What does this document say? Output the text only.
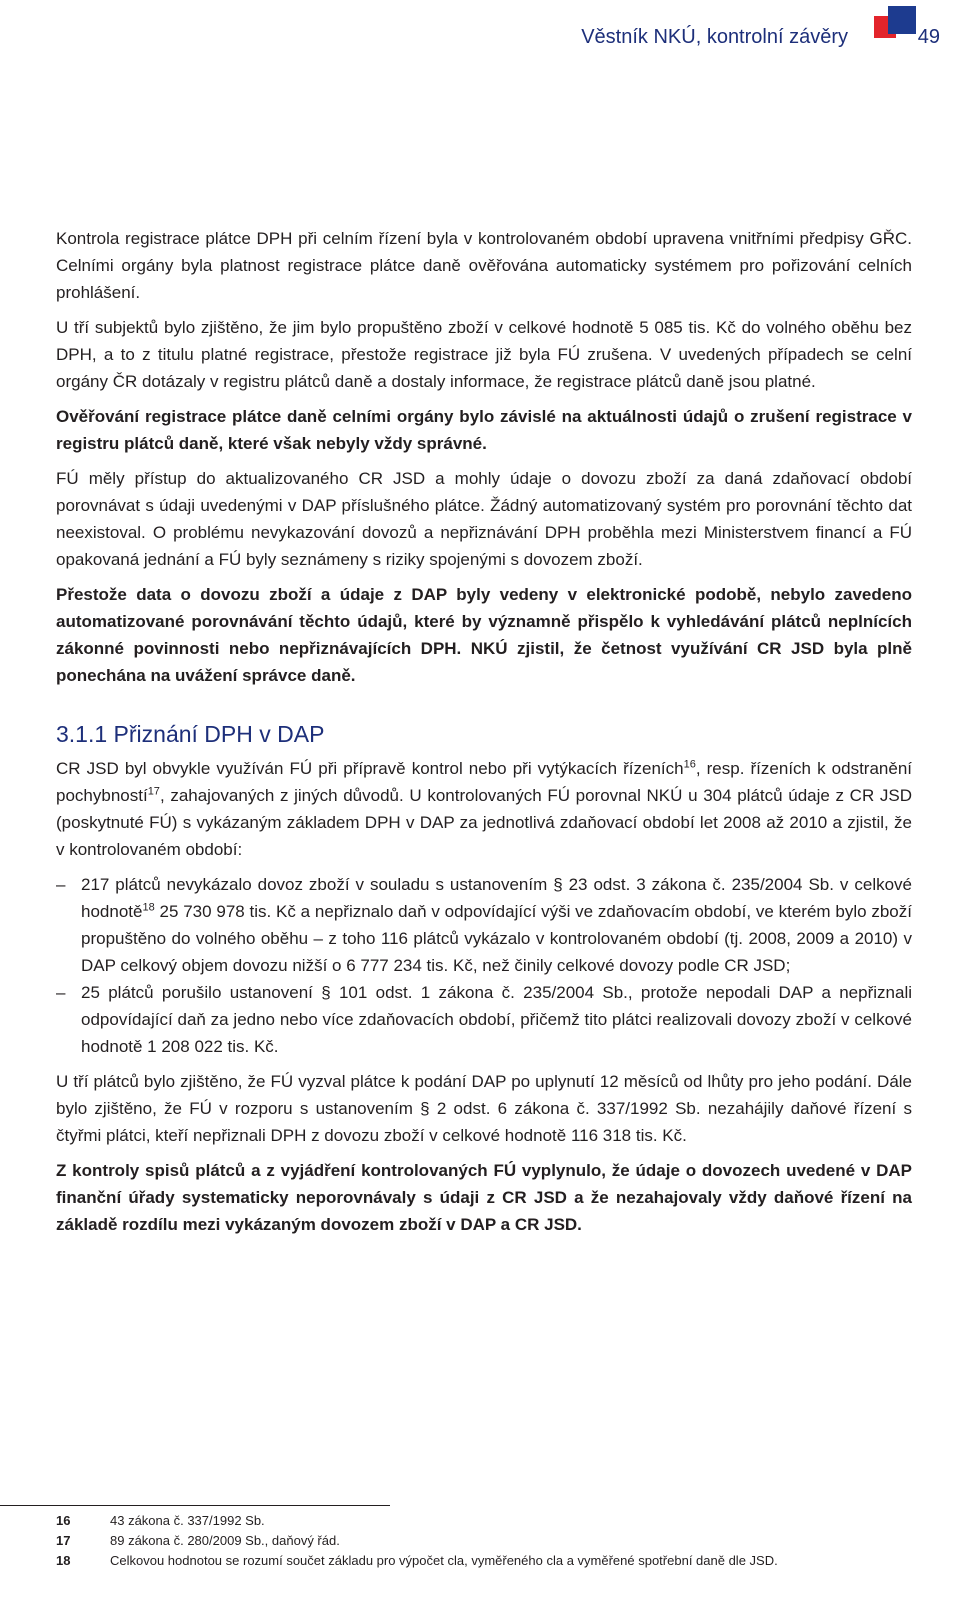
Věstník NKÚ, kontrolní závěry	49

Kontrola registrace plátce DPH při celním řízení byla v kontrolovaném období upravena vnitřními předpisy GŘC. Celními orgány byla platnost registrace plátce daně ověřována automaticky systémem pro pořizování celních prohlášení.

U tří subjektů bylo zjištěno, že jim bylo propuštěno zboží v celkové hodnotě 5 085 tis. Kč do volného oběhu bez DPH, a to z titulu platné registrace, přestože registrace již byla FÚ zrušena. V uvedených případech se celní orgány ČR dotázaly v registru plátců daně a dostaly informace, že registrace plátců daně jsou platné.

Ověřování registrace plátce daně celními orgány bylo závislé na aktuálnosti údajů o zrušení registrace v registru plátců daně, které však nebyly vždy správné.

FÚ měly přístup do aktualizovaného CR JSD a mohly údaje o dovozu zboží za daná zdaňovací období porovnávat s údaji uvedenými v DAP příslušného plátce. Žádný automatizovaný systém pro porovnání těchto dat neexistoval. O problému nevykazování dovozů a nepřiznávání DPH proběhla mezi Ministerstvem financí a FÚ opakovaná jednání a FÚ byly seznámeny s riziky spojenými s dovozem zboží.

Přestože data o dovozu zboží a údaje z DAP byly vedeny v elektronické podobě, nebylo zavedeno automatizované porovnávání těchto údajů, které by významně přispělo k vyhledávání plátců neplnících zákonné povinnosti nebo nepřiznávajících DPH. NKÚ zjistil, že četnost využívání CR JSD byla plně ponechána na uvážení správce daně.

3.1.1 Přiznání DPH v DAP

CR JSD byl obvykle využíván FÚ při přípravě kontrol nebo při vytýkacích řízeních$^{16}$, resp. řízeních k odstranění pochybností$^{17}$, zahajovaných z jiných důvodů. U kontrolovaných FÚ porovnal NKÚ u 304 plátců údaje z CR JSD (poskytnuté FÚ) s vykázaným základem DPH v DAP za jednotlivá zdaňovací období let 2008 až 2010 a zjistil, že v kontrolovaném období:

– 217 plátců nevykázalo dovoz zboží v souladu s ustanovením § 23 odst. 3 zákona č. 235/2004 Sb. v celkové hodnotě$^{18}$ 25 730 978 tis. Kč a nepřiznalo daň v odpovídající výši ve zdaňovacím období, ve kterém bylo zboží propuštěno do volného oběhu – z toho 116 plátců vykázalo v kontrolovaném období (tj. 2008, 2009 a 2010) v DAP celkový objem dovozu nižší o 6 777 234 tis. Kč, než činily celkové dovozy podle CR JSD;
– 25 plátců porušilo ustanovení § 101 odst. 1 zákona č. 235/2004 Sb., protože nepodali DAP a nepřiznali odpovídající daň za jedno nebo více zdaňovacích období, přičemž tito plátci realizovali dovozy zboží v celkové hodnotě 1 208 022 tis. Kč.

U tří plátců bylo zjištěno, že FÚ vyzval plátce k podání DAP po uplynutí 12 měsíců od lhůty pro jeho podání. Dále bylo zjištěno, že FÚ v rozporu s ustanovením § 2 odst. 6 zákona č. 337/1992 Sb. nezahájily daňové řízení s čtyřmi plátci, kteří nepřiznali DPH z dovozu zboží v celkové hodnotě 116 318 tis. Kč.

Z kontroly spisů plátců a z vyjádření kontrolovaných FÚ vyplynulo, že údaje o dovozech uvedené v DAP finanční úřady systematicky neporovnávaly s údaji z CR JSD a že nezahajovaly vždy daňové řízení na základě rozdílu mezi vykázaným dovozem zboží v DAP a CR JSD.

16	43 zákona č. 337/1992 Sb.
17	89 zákona č. 280/2009 Sb., daňový řád.
18	Celkovou hodnotou se rozumí součet základu pro výpočet cla, vyměřeného cla a vyměřené spotřební daně dle JSD.
